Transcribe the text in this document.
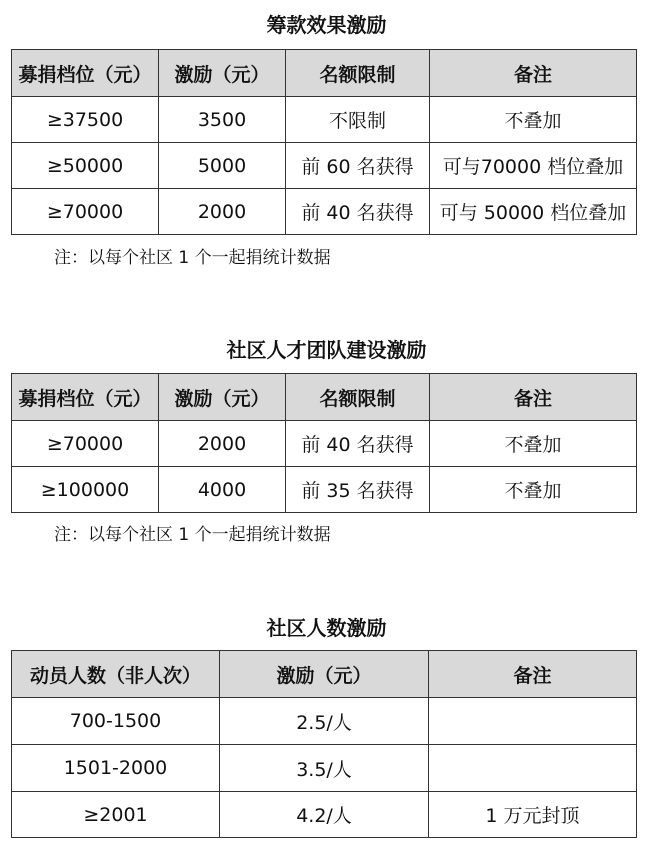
筹款效果激励
募捐档位（元）	激励（元）	名额限制	备注
≥37500	3500	不限制	不叠加
≥50000	5000	前 60 名获得	可与70000 档位叠加
≥70000	2000	前 40 名获得	可与 50000 档位叠加
注：以每个社区 1 个一起捐统计数据
社区人才团队建设激励
募捐档位（元）	激励（元）	名额限制	备注
≥70000	2000	前 40 名获得	不叠加
≥100000	4000	前 35 名获得	不叠加
注：以每个社区 1 个一起捐统计数据
社区人数激励
动员人数（非人次）	激励（元）	备注
700-1500	2.5/人	
1501-2000	3.5/人	
≥2001	4.2/人	1 万元封顶
